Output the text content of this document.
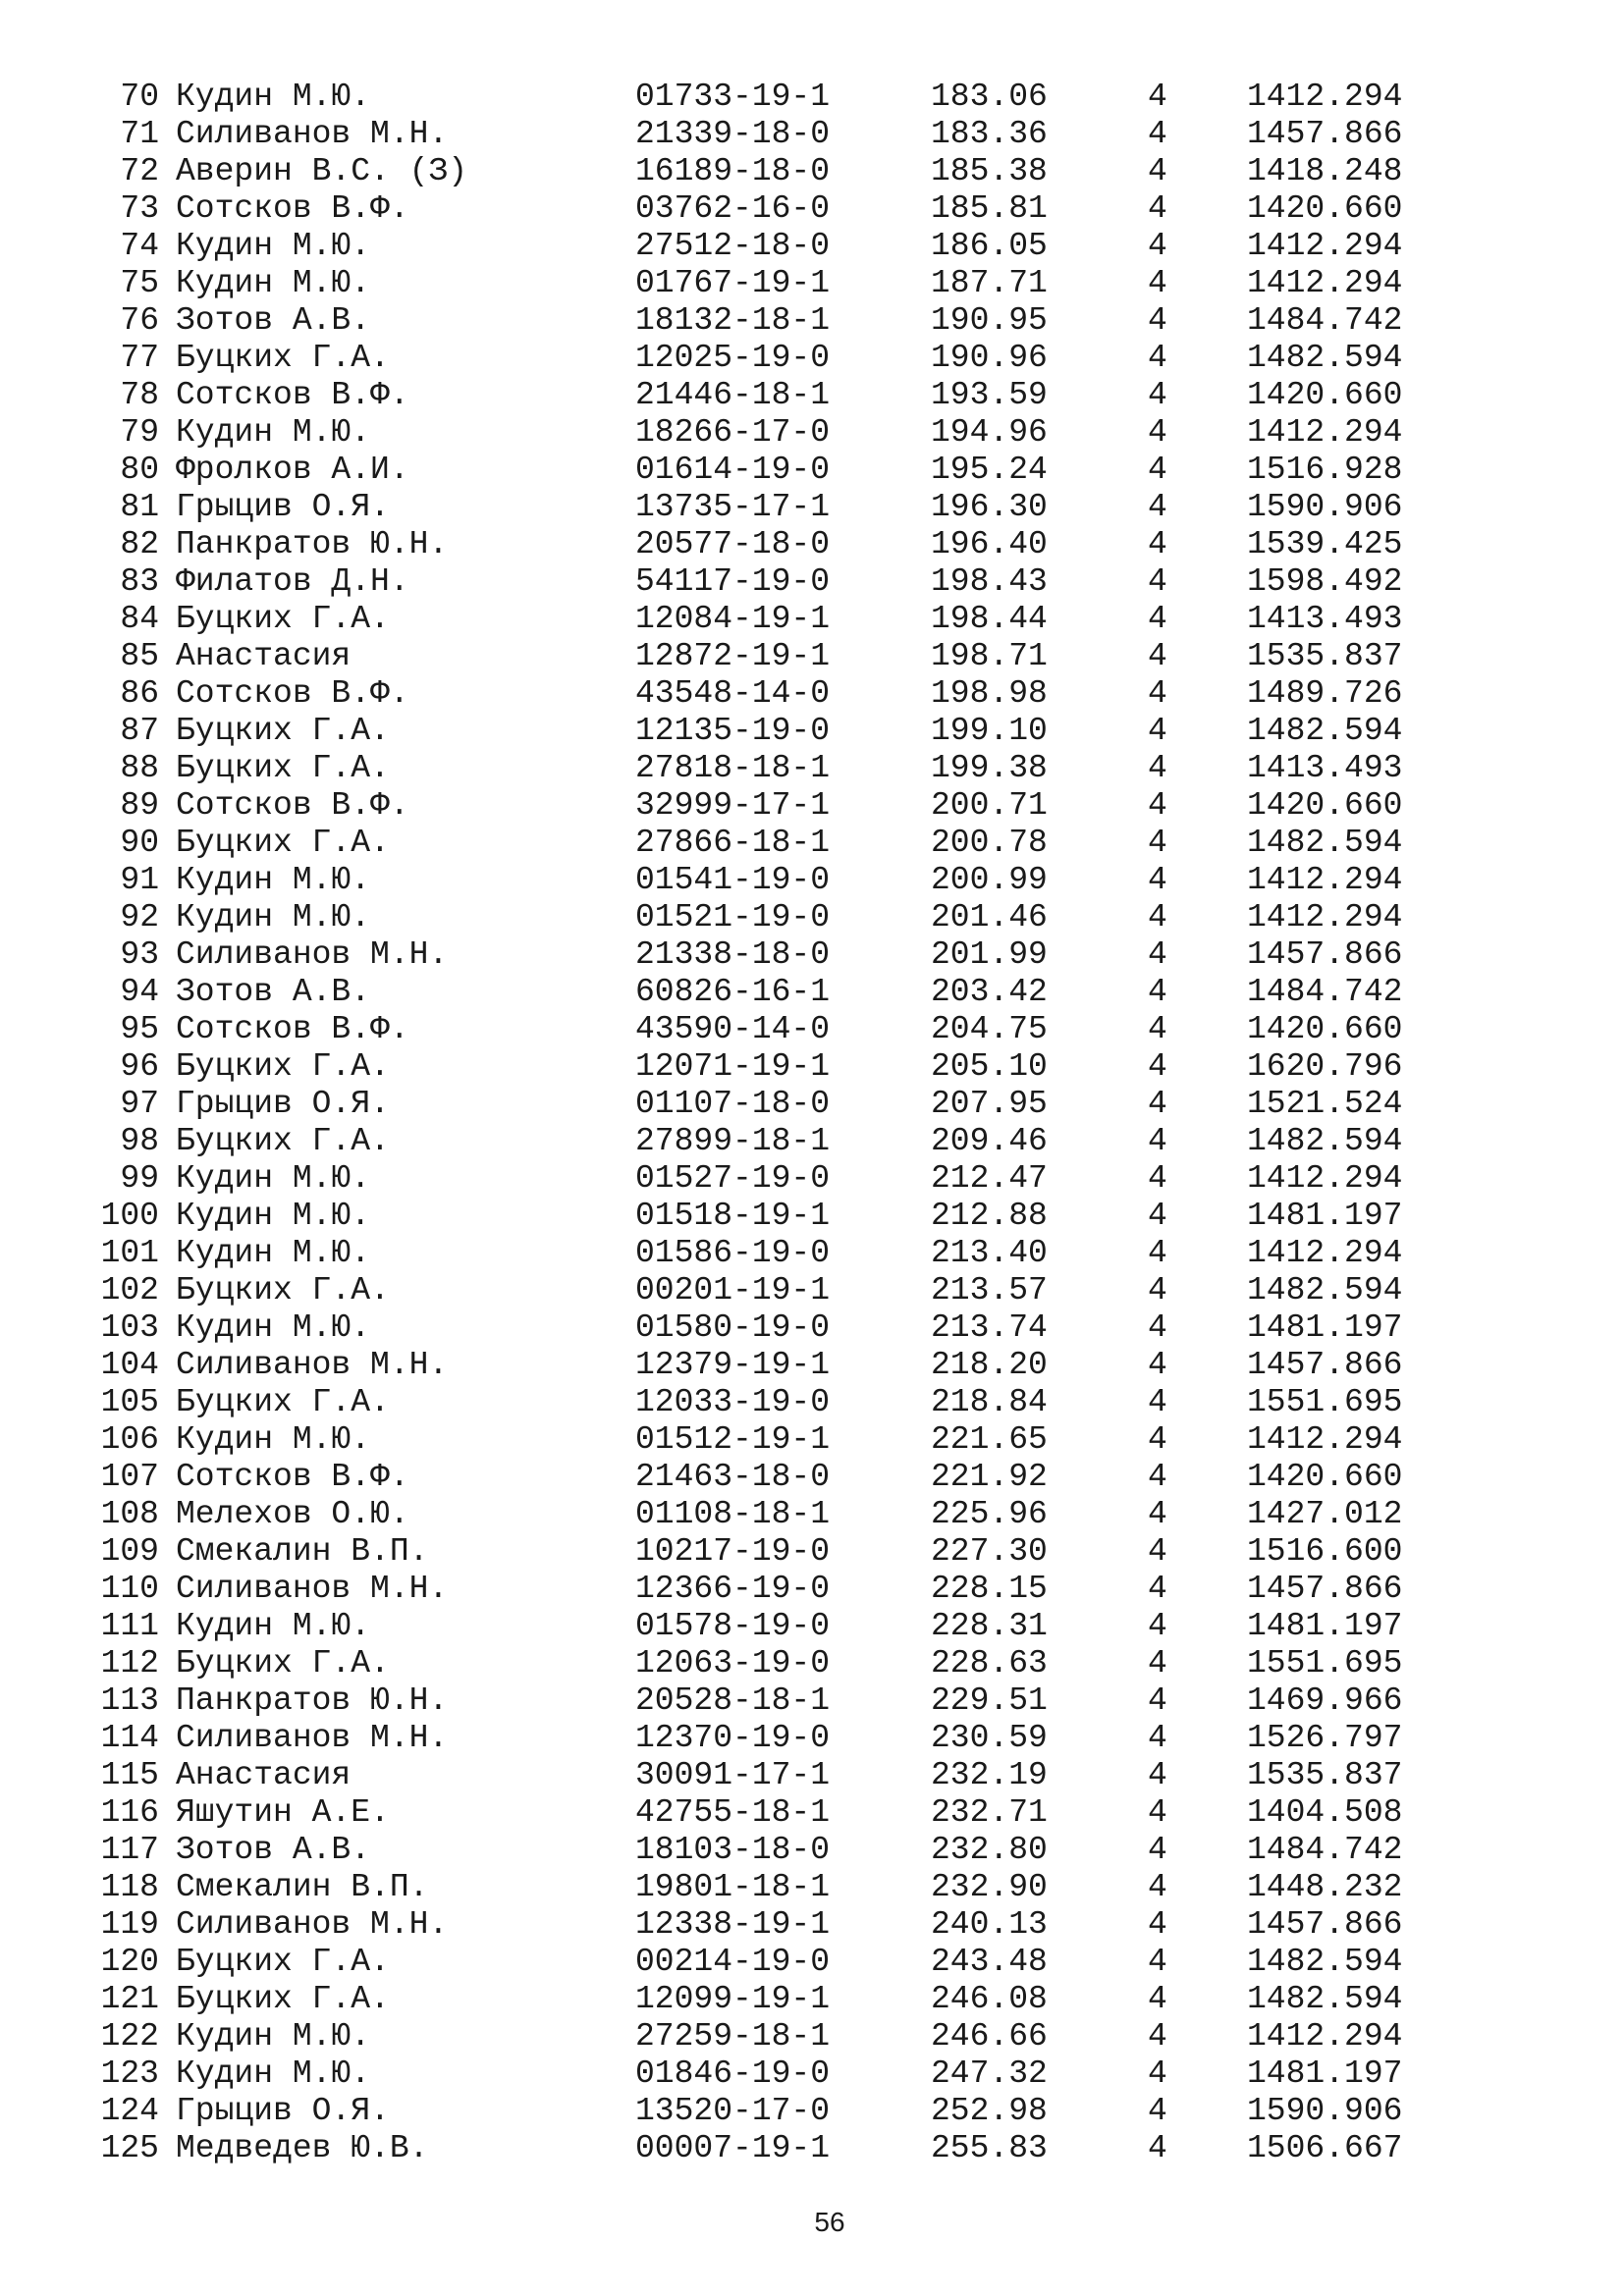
70 Кудин М.Ю.	01733-19-1	183.06	4 1412.294
71 Силиванов М.Н.	21339-18-0	183.36	4 1457.866
72 Аверин В.С. (З)	16189-18-0	185.38	4 1418.248
73 Сотсков В.Ф.	03762-16-0	185.81	4 1420.660
74 Кудин М.Ю.	27512-18-0	186.05	4 1412.294
75 Кудин М.Ю.	01767-19-1	187.71	4 1412.294
76 Зотов А.В.	18132-18-1	190.95	4 1484.742
77 Буцких Г.А.	12025-19-0	190.96	4 1482.594
78 Сотсков В.Ф.	21446-18-1	193.59	4 1420.660
79 Кудин М.Ю.	18266-17-0	194.96	4 1412.294
80 Фролков А.И.	01614-19-0	195.24	4 1516.928
81 Грыцив О.Я.	13735-17-1	196.30	4 1590.906
82 Панкратов Ю.Н.	20577-18-0	196.40	4 1539.425
83 Филатов Д.Н.	54117-19-0	198.43	4 1598.492
84 Буцких Г.А.	12084-19-1	198.44	4 1413.493
85 Анастасия	12872-19-1	198.71	4 1535.837
86 Сотсков В.Ф.	43548-14-0	198.98	4 1489.726
87 Буцких Г.А.	12135-19-0	199.10	4 1482.594
88 Буцких Г.А.	27818-18-1	199.38	4 1413.493
89 Сотсков В.Ф.	32999-17-1	200.71	4 1420.660
90 Буцких Г.А.	27866-18-1	200.78	4 1482.594
91 Кудин М.Ю.	01541-19-0	200.99	4 1412.294
92 Кудин М.Ю.	01521-19-0	201.46	4 1412.294
93 Силиванов М.Н.	21338-18-0	201.99	4 1457.866
94 Зотов А.В.	60826-16-1	203.42	4 1484.742
95 Сотсков В.Ф.	43590-14-0	204.75	4 1420.660
96 Буцких Г.А.	12071-19-1	205.10	4 1620.796
97 Грыцив О.Я.	01107-18-0	207.95	4 1521.524
98 Буцких Г.А.	27899-18-1	209.46	4 1482.594
99 Кудин М.Ю.	01527-19-0	212.47	4 1412.294
100 Кудин М.Ю.	01518-19-1	212.88	4 1481.197
101 Кудин М.Ю.	01586-19-0	213.40	4 1412.294
102 Буцких Г.А.	00201-19-1	213.57	4 1482.594
103 Кудин М.Ю.	01580-19-0	213.74	4 1481.197
104 Силиванов М.Н.	12379-19-1	218.20	4 1457.866
105 Буцких Г.А.	12033-19-0	218.84	4 1551.695
106 Кудин М.Ю.	01512-19-1	221.65	4 1412.294
107 Сотсков В.Ф.	21463-18-0	221.92	4 1420.660
108 Мелехов О.Ю.	01108-18-1	225.96	4 1427.012
109 Смекалин В.П.	10217-19-0	227.30	4 1516.600
110 Силиванов М.Н.	12366-19-0	228.15	4 1457.866
111 Кудин М.Ю.	01578-19-0	228.31	4 1481.197
112 Буцких Г.А.	12063-19-0	228.63	4 1551.695
113 Панкратов Ю.Н.	20528-18-1	229.51	4 1469.966
114 Силиванов М.Н.	12370-19-0	230.59	4 1526.797
115 Анастасия	30091-17-1	232.19	4 1535.837
116 Яшутин А.Е.	42755-18-1	232.71	4 1404.508
117 Зотов А.В.	18103-18-0	232.80	4 1484.742
118 Смекалин В.П.	19801-18-1	232.90	4 1448.232
119 Силиванов М.Н.	12338-19-1	240.13	4 1457.866
120 Буцких Г.А.	00214-19-0	243.48	4 1482.594
121 Буцких Г.А.	12099-19-1	246.08	4 1482.594
122 Кудин М.Ю.	27259-18-1	246.66	4 1412.294
123 Кудин М.Ю.	01846-19-0	247.32	4 1481.197
124 Грыцив О.Я.	13520-17-0	252.98	4 1590.906
125 Медведев Ю.В.	00007-19-1	255.83	4 1506.667
56
